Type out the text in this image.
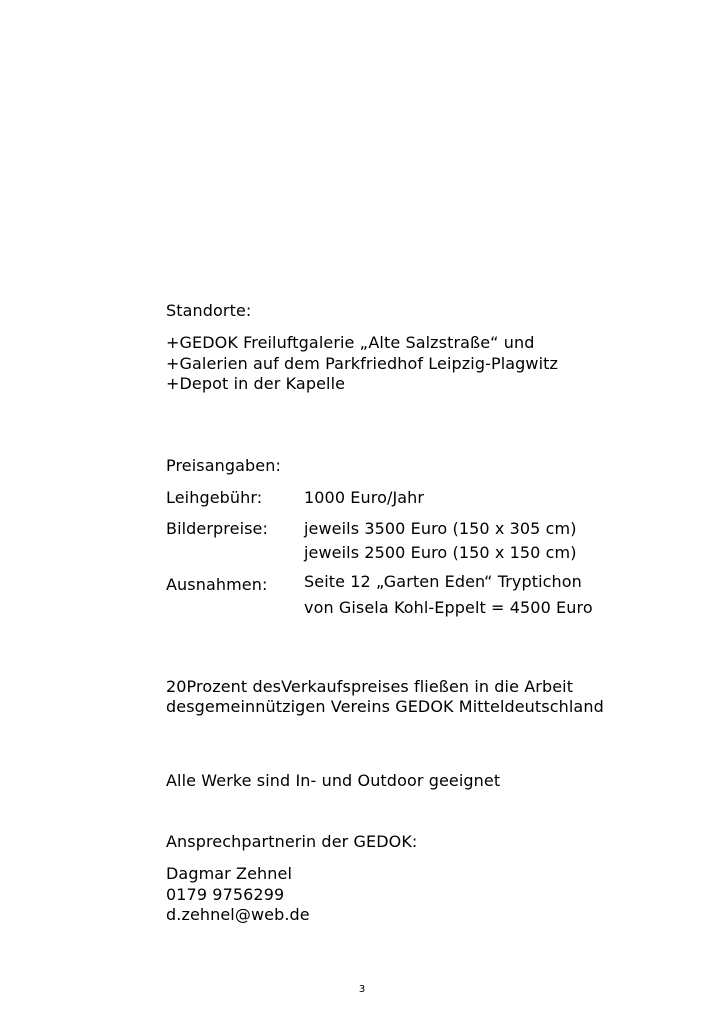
Standorte:
+GEDOK Freiluftgalerie „Alte Salzstraße“ und
+Galerien auf dem Parkfriedhof Leipzig-Plagwitz
+Depot in der Kapelle
Preisangaben:
Leihgebühr:	1000 Euro/Jahr
Bilderpreise: jeweils 3500 Euro (150 x 305 cm)
jeweils 2500 Euro (150 x 150 cm)
Ausnahmen: Seite 12 „Garten Eden“ Tryptichon
von Gisela Kohl-Eppelt = 4500 Euro
20Prozent desVerkaufspreises fließen in die Arbeit
desgemeinnützigen Vereins GEDOK Mitteldeutschland
Alle Werke sind In- und Outdoor geeignet
Ansprechpartnerin der GEDOK:
Dagmar Zehnel
0179 9756299
d.zehnel@web.de
3
